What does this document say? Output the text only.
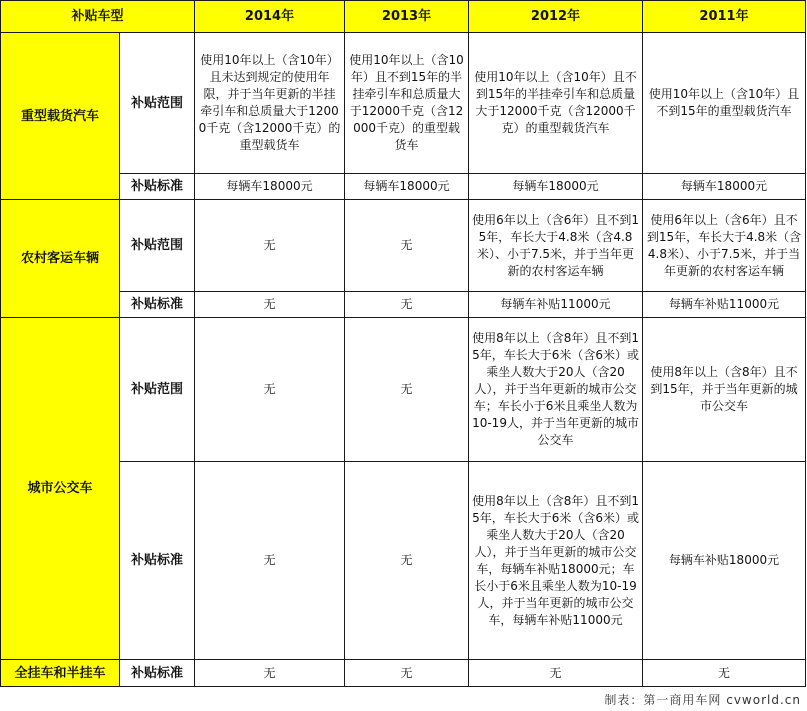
补贴车型		2014年	2013年	2012年	2011年
重型载货汽车	补贴范围	使用10年以上（含10年）且未达到规定的使用年限，并于当年更新的半挂牵引车和总质量大于12000千克（含12000千克）的重型载货车	使用10年以上（含10年）且不到15年的半挂牵引车和总质量大于12000千克（含12000千克）的重型载货车	使用10年以上（含10年）且不到15年的半挂牵引车和总质量大于12000千克（含12000千克）的重型载货汽车	使用10年以上（含10年）且不到15年的重型载货汽车
	补贴标准	每辆车18000元	每辆车18000元	每辆车18000元	每辆车18000元
农村客运车辆	补贴范围	无	无	使用6年以上（含6年）且不到15年，车长大于4.8米（含4.8米）、小于7.5米，并于当年更新的农村客运车辆	使用6年以上（含6年）且不到15年，车长大于4.8米（含4.8米）、小于7.5米，并于当年更新的农村客运车辆
	补贴标准	无	无	每辆车补贴11000元	每辆车补贴11000元
城市公交车	补贴范围	无	无	使用8年以上（含8年）且不到15年，车长大于6米（含6米）或乘坐人数大于20人（含20人），并于当年更新的城市公交车；车长小于6米且乘坐人数为10-19人，并于当年更新的城市公交车	使用8年以上（含8年）且不到15年，并于当年更新的城市公交车
	补贴标准	无	无	使用8年以上（含8年）且不到15年，车长大于6米（含6米）或乘坐人数大于20人（含20人），并于当年更新的城市公交车，每辆车补贴18000元；车长小于6米且乘坐人数为10-19人，并于当年更新的城市公交车，每辆车补贴11000元	每辆车补贴18000元
全挂车和半挂车	补贴标准	无	无	无	无
制表：第一商用车网 cvworld.cn
